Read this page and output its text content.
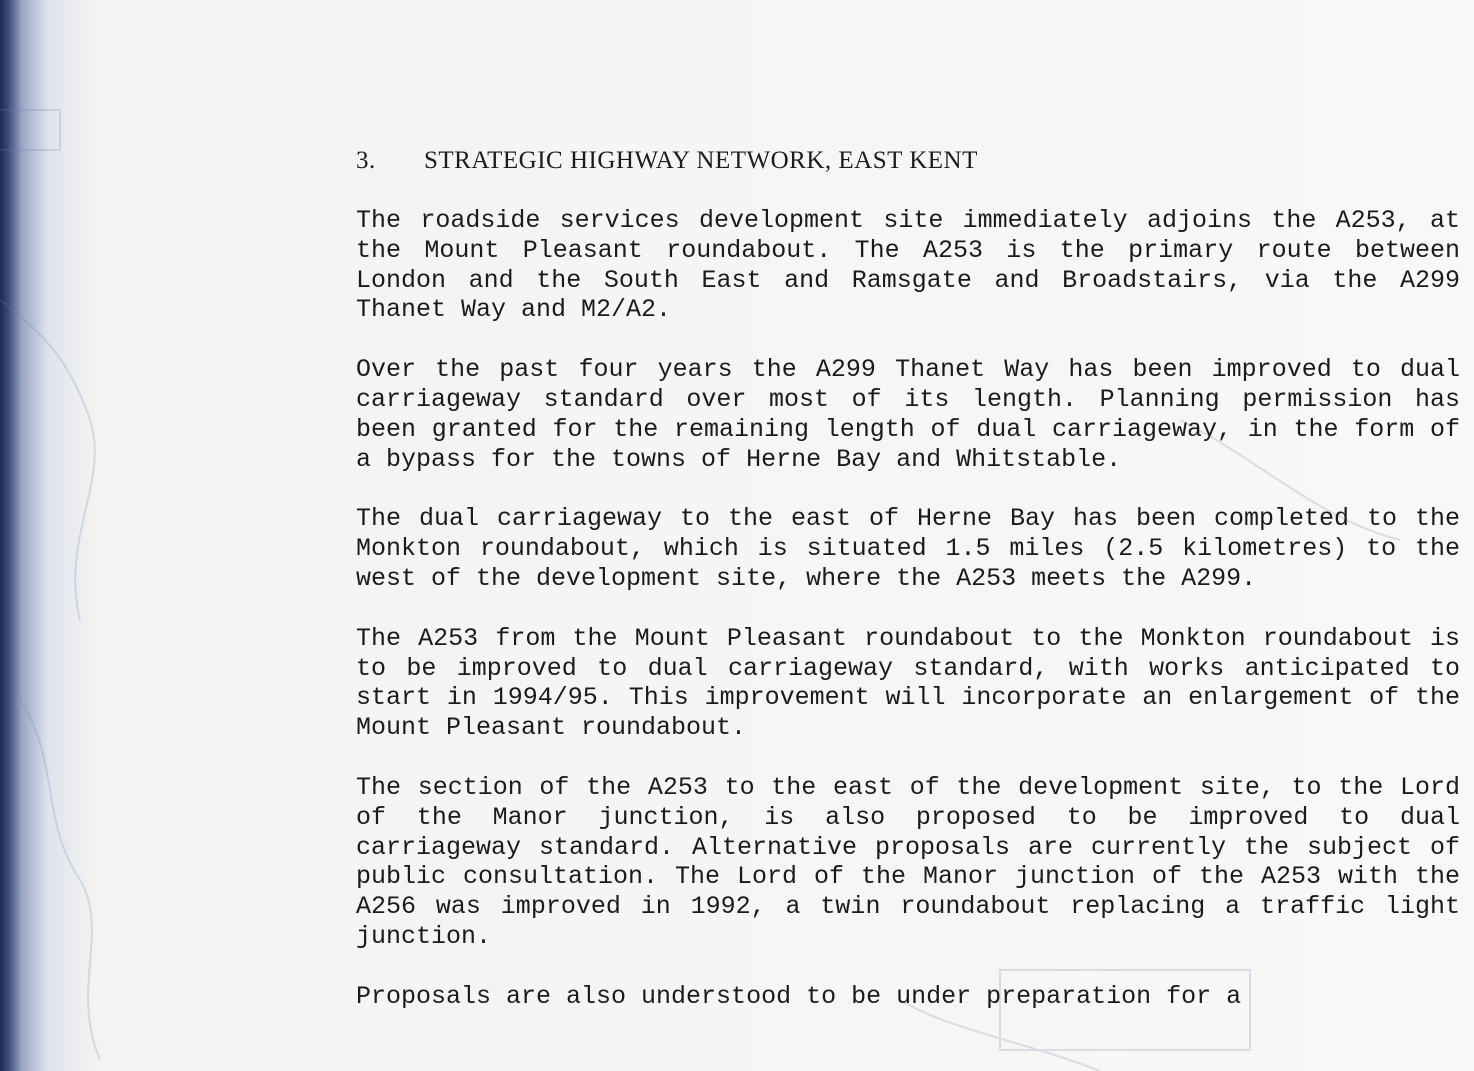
3.	STRATEGIC HIGHWAY NETWORK, EAST KENT

The roadside services development site immediately adjoins the A253, at the Mount Pleasant roundabout. The A253 is the primary route between London and the South East and Ramsgate and Broadstairs, via the A299 Thanet Way and M2/A2.

Over the past four years the A299 Thanet Way has been improved to dual carriageway standard over most of its length. Planning permission has been granted for the remaining length of dual carriageway, in the form of a bypass for the towns of Herne Bay and Whitstable.

The dual carriageway to the east of Herne Bay has been completed to the Monkton roundabout, which is situated 1.5 miles (2.5 kilometres) to the west of the development site, where the A253 meets the A299.

The A253 from the Mount Pleasant roundabout to the Monkton roundabout is to be improved to dual carriageway standard, with works anticipated to start in 1994/95. This improvement will incorporate an enlargement of the Mount Pleasant roundabout.

The section of the A253 to the east of the development site, to the Lord of the Manor junction, is also proposed to be improved to dual carriageway standard. Alternative proposals are currently the subject of public consultation. The Lord of the Manor junction of the A253 with the A256 was improved in 1992, a twin roundabout replacing a traffic light junction.

Proposals are also understood to be under preparation for a
